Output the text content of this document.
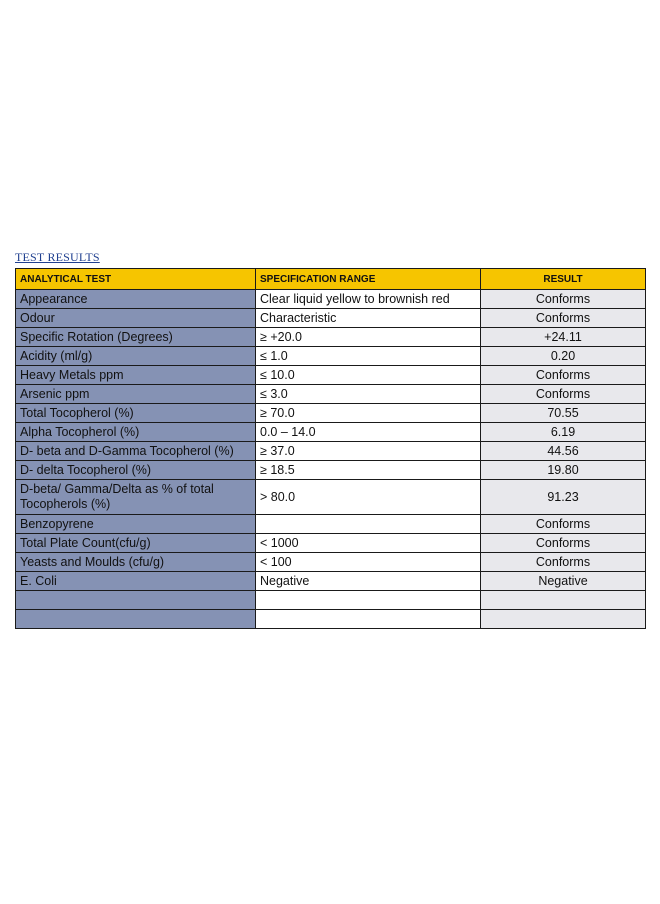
TEST RESULTS
ANALYTICAL TEST	SPECIFICATION RANGE	RESULT
Appearance	Clear liquid yellow to brownish red	Conforms
Odour	Characteristic	Conforms
Specific Rotation (Degrees)	≥ +20.0	+24.11
Acidity (ml/g)	≤ 1.0	0.20
Heavy Metals ppm	≤ 10.0	Conforms
Arsenic ppm	≤ 3.0	Conforms
Total Tocopherol (%)	≥ 70.0	70.55
Alpha Tocopherol (%)	0.0 – 14.0	6.19
D- beta and D-Gamma Tocopherol (%)	≥ 37.0	44.56
D- delta Tocopherol (%)	≥ 18.5	19.80
D-beta/ Gamma/Delta as % of total Tocopherols (%)	> 80.0	91.23
Benzopyrene		Conforms
Total Plate Count(cfu/g)	< 1000	Conforms
Yeasts and Moulds (cfu/g)	< 100	Conforms
E. Coli	Negative	Negative
